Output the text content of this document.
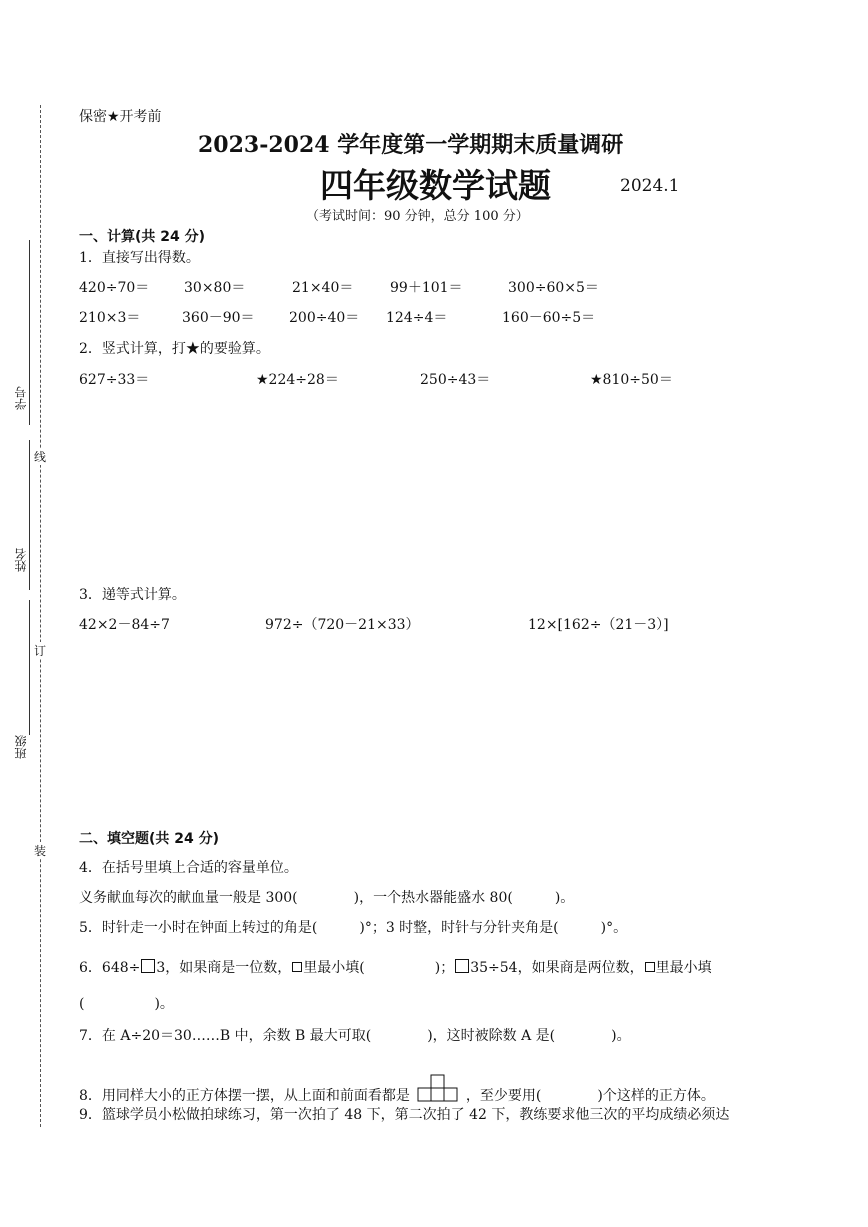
学号
线
姓名
订
班级
装
保密★开考前
2023-2024 学年度第一学期期末质量调研
四年级数学试题	2024.1
（考试时间：90 分钟，总分 100 分）
一、计算(共 24 分)
1．直接写出得数。
420÷70＝ 30×80＝	21×40＝	99＋101＝	300÷60×5＝
210×3＝	360－90＝ 200÷40＝ 124÷4＝	160－60÷5＝
2．竖式计算，打★的要验算。
627÷33＝	★224÷28＝	250÷43＝	★810÷50＝
3．递等式计算。
42×2－84÷7	972÷（720－21×33）	12×[162÷（21－3）]
二、填空题(共 24 分)
4．在括号里填上合适的容量单位。
义务献血每次的献血量一般是 300(　　　　)，一个热水器能盛水 80(　　　)。
5．时针走一小时在钟面上转过的角是(　　　)°；3 时整，时针与分针夹角是(　　　)°。
6．648÷ 3，如果商是一位数， 里最小填(　　　　　)； 35÷54，如果商是两位数， 里最小填
(　　　　　)。
7．在 A÷20＝30……B 中，余数 B 最大可取(　　　　)，这时被除数 A 是(　　　　)。
8．用同样大小的正方体摆一摆，从上面和前面看都是	，至少要用(　　　　)个这样的正方体。
9．篮球学员小松做拍球练习，第一次拍了 48 下，第二次拍了 42 下，教练要求他三次的平均成绩必须达
